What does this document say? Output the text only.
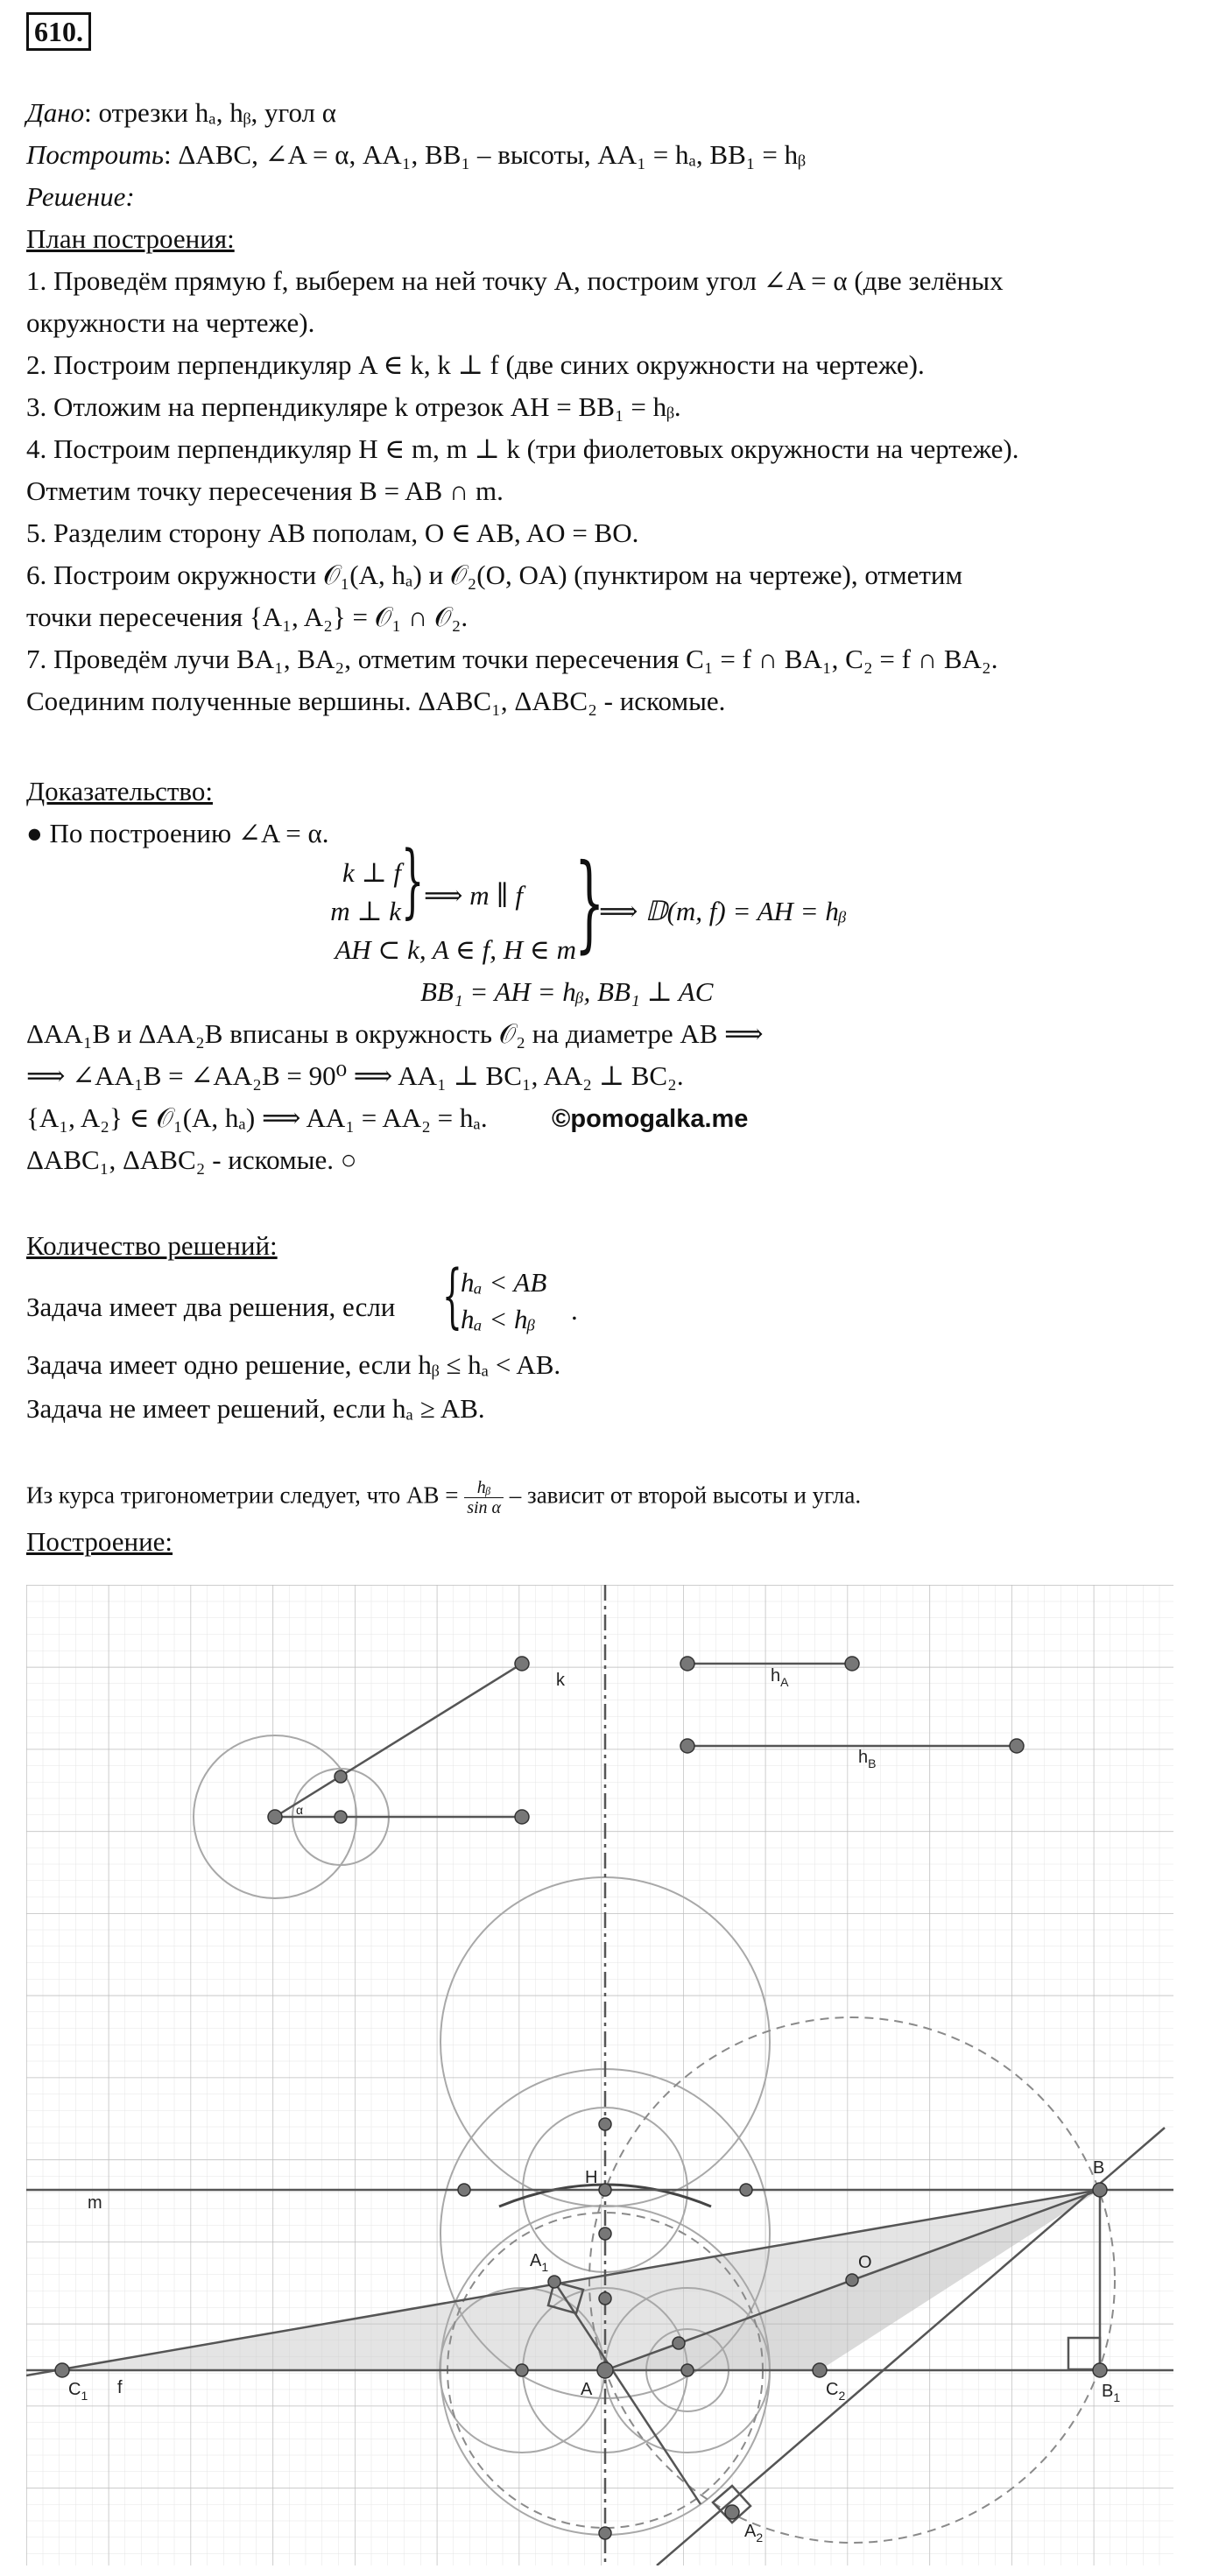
610.
Дано: отрезки hₐ, hᵦ, угол α
Построить: ΔABC, ∠A = α, AA₁, BB₁ – высоты, AA₁ = hₐ, BB₁ = hᵦ
Решение:
План построения:
1. Проведём прямую f, выберем на ней точку A, построим угол ∠A = α (две зелёных
окружности на чертеже).
2. Построим перпендикуляр A ∈ k, k ⊥ f (две синих окружности на чертеже).
3. Отложим на перпендикуляре k отрезок AH = BB₁ = hᵦ.
4. Построим перпендикуляр H ∈ m, m ⊥ k (три фиолетовых окружности на чертеже).
Отметим точку пересечения B = AB ∩ m.
5. Разделим сторону AB пополам, O ∈ AB, AO = BO.
6. Построим окружности 𝒪₁(A, hₐ) и 𝒪₂(O, OA) (пунктиром на чертеже), отметим
точки пересечения {A₁, A₂} = 𝒪₁ ∩ 𝒪₂.
7. Проведём лучи BA₁, BA₂, отметим точки пересечения C₁ = f ∩ BA₁, C₂ = f ∩ BA₂.
Соединим полученные вершины. ΔABC₁, ΔABC₂ - искомые.
Доказательство:
● По построению ∠A = α.
k ⊥ f
m ⊥ k
AH ⊂ k, A ∈ f, H ∈ m
} ⟹ m ∥ f }
⟹ 𝔻(m, f) = AH = hᵦ
BB₁ = AH = hᵦ, BB₁ ⊥ AC
ΔAA₁B и ΔAA₂B вписаны в окружность 𝒪₂ на диаметре AB ⟹
⟹ ∠AA₁B = ∠AA₂B = 90⁰ ⟹ AA₁ ⊥ BC₁, AA₂ ⊥ BC₂.
{A₁, A₂} ∈ 𝒪₁(A, hₐ) ⟹ AA₁ = AA₂ = hₐ.	©pomogalka.me
ΔABC₁, ΔABC₂ - искомые. ○
Количество решений:
Задача имеет два решения, если {
hₐ < AB
hₐ < hᵦ .
Задача имеет одно решение, если hᵦ ≤ hₐ < AB.
Задача не имеет решений, если hₐ ≥ AB.
Из курса тригонометрии следует, что AB = $\frac{\text{hᵦ}}{\text{sin α}}$ – зависит от второй высоты и угла.
Построение:
k	$h_A$
$h_B$
α
m
H	B
O
$A_1$
A
$C_1$ f	$C_2$	$B_1$
$A_2$
